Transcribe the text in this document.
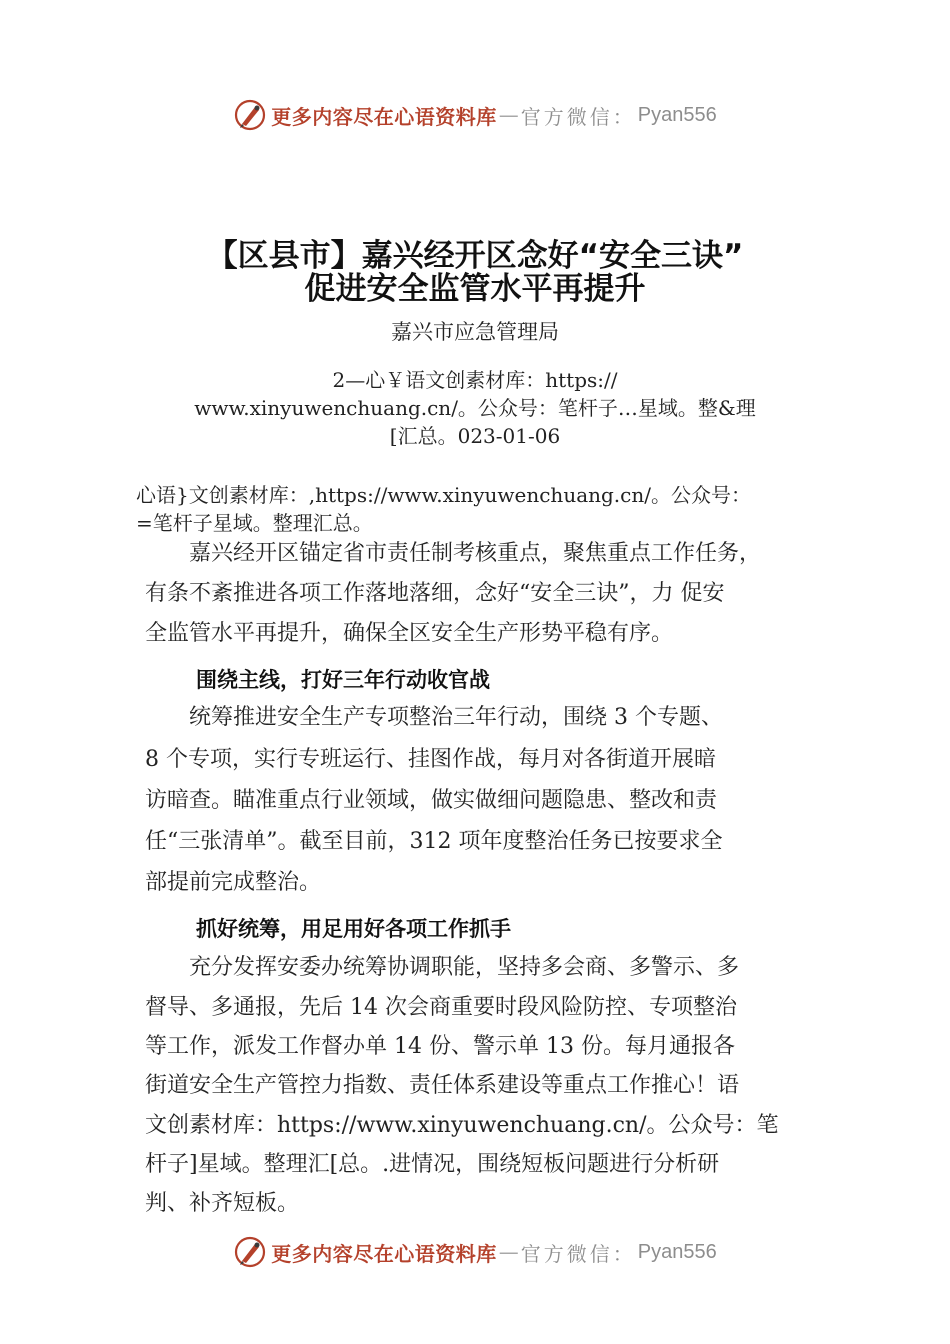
更多内容尽在心语资料库 — 官方微信： Pyan556
【区县市】嘉兴经开区念好“安全三诀”
促进安全监管水平再提升
嘉兴市应急管理局
2—心￥语文创素材库：https://
www.xinyuwenchuang.cn/。公众号：笔杆子…星域。整&理
[汇总。023-01-06
心语}文创素材库：,https://www.xinyuwenchuang.cn/。公众号：
=笔杆子星域。整理汇总。
　　嘉兴经开区锚定省市责任制考核重点，聚焦重点工作任务，
有条不紊推进各项工作落地落细，念好“安全三诀”，力 促安
全监管水平再提升，确保全区安全生产形势平稳有序。
围绕主线，打好三年行动收官战
　　统筹推进安全生产专项整治三年行动，围绕 3 个专题、
8 个专项，实行专班运行、挂图作战，每月对各街道开展暗
访暗查。瞄准重点行业领域，做实做细问题隐患、整改和责
任“三张清单”。截至目前，312 项年度整治任务已按要求全
部提前完成整治。
抓好统筹，用足用好各项工作抓手
　　充分发挥安委办统筹协调职能，坚持多会商、多警示、多
督导、多通报，先后 14 次会商重要时段风险防控、专项整治
等工作，派发工作督办单 14 份、警示单 13 份。每月通报各
街道安全生产管控力指数、责任体系建设等重点工作推心！语
文创素材库：https://www.xinyuwenchuang.cn/。公众号：笔
杆子]星域。整理汇[总。.进情况，围绕短板问题进行分析研
判、补齐短板。
更多内容尽在心语资料库 — 官方微信： Pyan556
